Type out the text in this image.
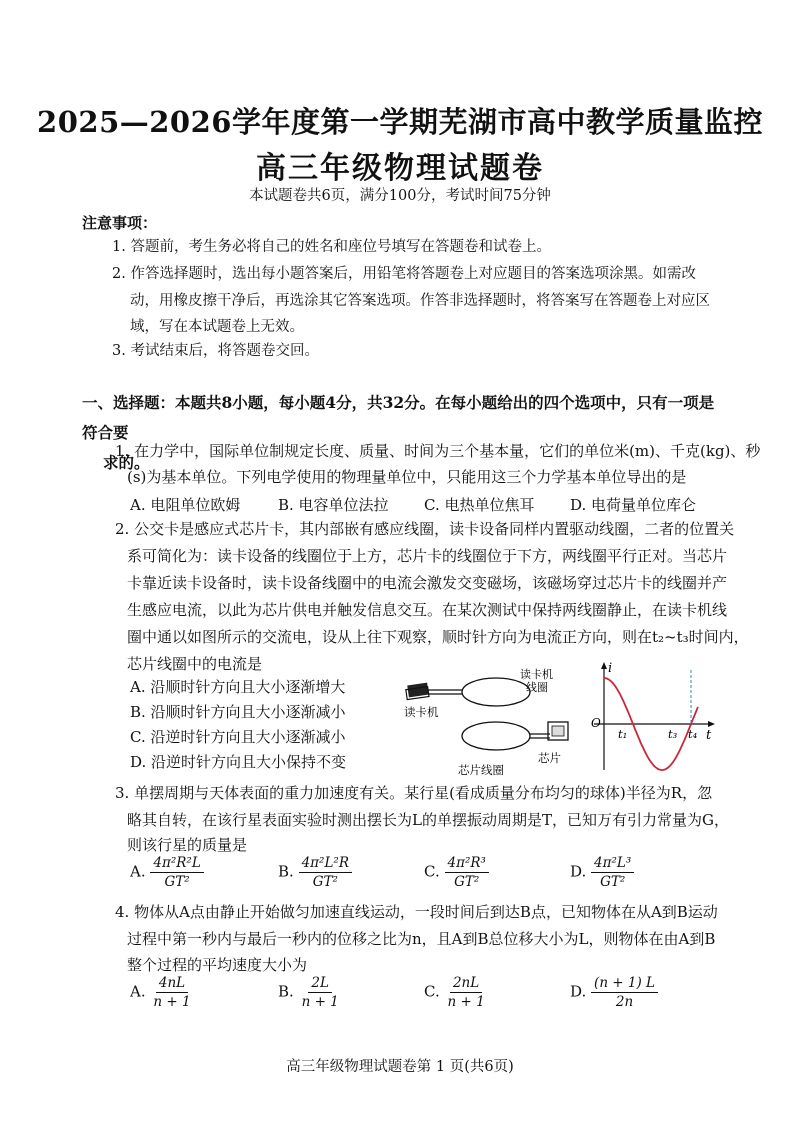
2025—2026学年度第一学期芜湖市高中教学质量监控
高三年级物理试题卷
本试题卷共6页，满分100分，考试时间75分钟
注意事项：
1. 答题前，考生务必将自己的姓名和座位号填写在答题卷和试卷上。
2. 作答选择题时，选出每小题答案后，用铅笔将答题卷上对应题目的答案选项涂黑。如需改
动，用橡皮擦干净后，再选涂其它答案选项。作答非选择题时，将答案写在答题卷上对应区
域，写在本试题卷上无效。
3. 考试结束后，将答题卷交回。
一、选择题：本题共8小题，每小题4分，共32分。在每小题给出的四个选项中，只有一项是符合要
求的。
1. 在力学中，国际单位制规定长度、质量、时间为三个基本量，它们的单位米(m)、千克(kg)、秒
(s)为基本单位。下列电学使用的物理量单位中，只能用这三个力学基本单位导出的是
A. 电阻单位欧姆	B. 电容单位法拉 C. 电热单位焦耳 D. 电荷量单位库仑
2. 公交卡是感应式芯片卡，其内部嵌有感应线圈，读卡设备同样内置驱动线圈，二者的位置关
系可简化为：读卡设备的线圈位于上方，芯片卡的线圈位于下方，两线圈平行正对。当芯片
卡靠近读卡设备时，读卡设备线圈中的电流会激发交变磁场，该磁场穿过芯片卡的线圈并产
生感应电流，以此为芯片供电并触发信息交互。在某次测试中保持两线圈静止，在读卡机线
圈中通以如图所示的交流电，设从上往下观察，顺时针方向为电流正方向，则在t₂~t₃时间内，
芯片线圈中的电流是
A. 沿顺时针方向且大小逐渐增大
B. 沿顺时针方向且大小逐渐减小
C. 沿逆时针方向且大小逐渐减小
D. 沿逆时针方向且大小保持不变
读卡机
线圈
读卡机
芯片线圈
芯片
i
t
O
t₁	t₃ t₄
3. 单摆周期与天体表面的重力加速度有关。某行星(看成质量分布均匀的球体)半径为R，忽
略其自转，在该行星表面实验时测出摆长为L的单摆振动周期是T，已知万有引力常量为G，
则该行星的质量是
A. $\frac{\text{4π²R²L}}{\text{GT²}}$	B. $\frac{\text{4π²L²R}}{\text{GT²}}$	C. $\frac{\text{4π²R³}}{\text{GT²}}$	D. $\frac{\text{4π²L³}}{\text{GT²}}$
4. 物体从A点由静止开始做匀加速直线运动，一段时间后到达B点，已知物体在从A到B运动
过程中第一秒内与最后一秒内的位移之比为n，且A到B总位移大小为L，则物体在由A到B
整个过程的平均速度大小为
A. $\frac{4nL}{n + 1}$	B. $\frac{2L}{n + 1}$	C. $\frac{2nL}{n + 1}$	D. $\frac{(n + 1) L}{2n}$
高三年级物理试题卷第 1 页(共6页)
